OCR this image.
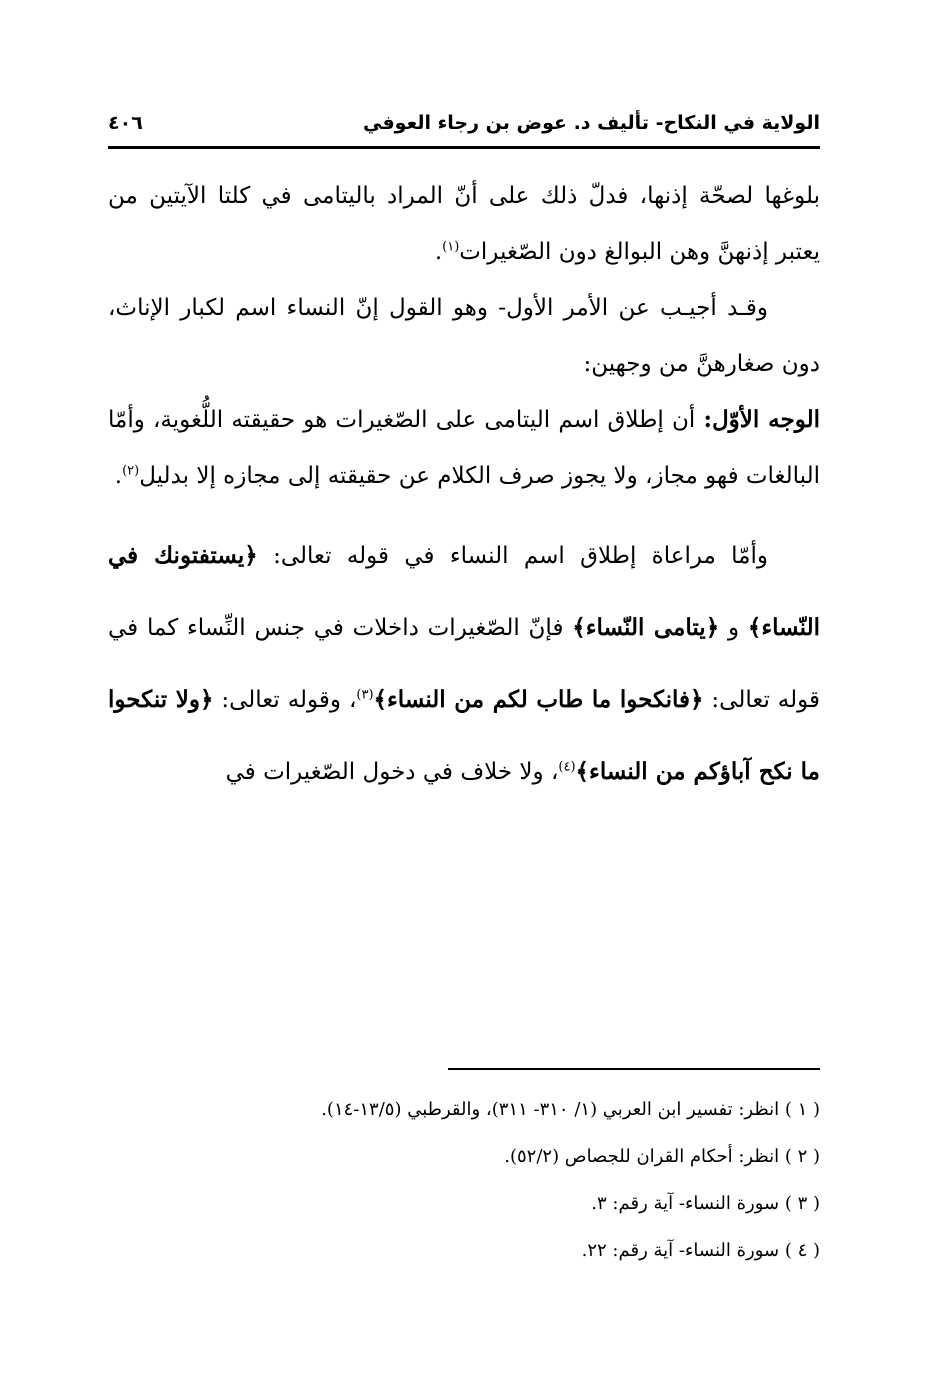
الولاية في النكاح- تأليف د. عوض بن رجاء العوفي
٤٠٦

بلوغها لصحّة إذنها، فدلّ ذلك على أنّ المراد باليتامى في كلتا الآيتين من يعتبر إذنهنَّ وهن البوالغ دون الصّغيرات$^{(١)}$.

وقـد أجيـب عن الأمر الأول- وهو القول إنّ النساء اسم لكبار الإناث، دون صغارهنَّ من وجهين:

الوجه الأوّل: أن إطلاق اسم اليتامى على الصّغيرات هو حقيقته اللُّغوية، وأمّا البالغات فهو مجاز، ولا يجوز صرف الكلام عن حقيقته إلى مجازه إلا بدليل$^{(٢)}$.

وأمّا مراعاة إطلاق اسم النساء في قوله تعالى: ﴿يستفتونك في النّساء﴾ و ﴿يتامى النّساء﴾ فإنّ الصّغيرات داخلات في جنس النِّساء كما في قوله تعالى: ﴿فانكحوا ما طاب لكم من النساء﴾$^{(٣)}$، وقوله تعالى: ﴿ولا تنكحوا ما نكح آباؤكم من النساء﴾$^{(٤)}$، ولا خلاف في دخول الصّغيرات في

( ١ ) انظر: تفسير ابن العربي (١/ ٣١٠- ٣١١)، والقرطبي (١٣/٥-١٤).
( ٢ ) انظر: أحكام القران للجصاص (٥٢/٢).
( ٣ ) سورة النساء- آية رقم: ٣.
( ٤ ) سورة النساء- آية رقم: ٢٢.
